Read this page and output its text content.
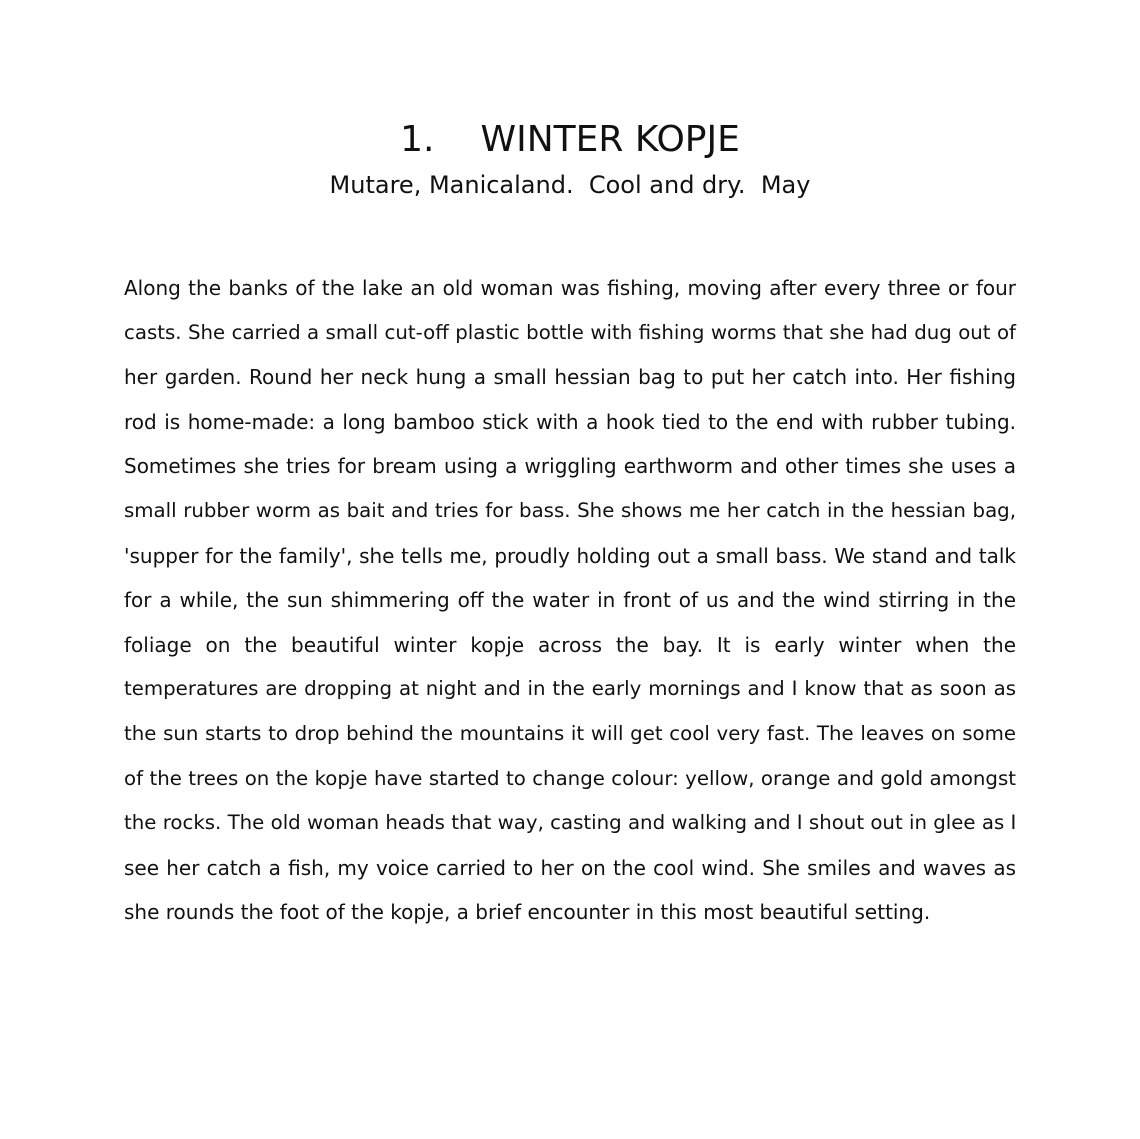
1. WINTER KOPJE

Mutare, Manicaland.  Cool and dry.  May

Along the banks of the lake an old woman was fishing, moving after every three or four
casts. She carried a small cut-off plastic bottle with fishing worms that she had dug out of
her garden. Round her neck hung a small hessian bag to put her catch into. Her fishing
rod is home-made: a long bamboo stick with a hook tied to the end with rubber tubing.
Sometimes she tries for bream using a wriggling earthworm and other times she uses a
small rubber worm as bait and tries for bass. She shows me her catch in the hessian bag,
'supper for the family', she tells me, proudly holding out a small bass. We stand and talk
for a while, the sun shimmering off the water in front of us and the wind stirring in the
foliage on the beautiful winter kopje across the bay. It is early winter when the
temperatures are dropping at night and in the early mornings and I know that as soon as
the sun starts to drop behind the mountains it will get cool very fast. The leaves on some
of the trees on the kopje have started to change colour: yellow, orange and gold amongst
the rocks. The old woman heads that way, casting and walking and I shout out in glee as I
see her catch a fish, my voice carried to her on the cool wind. She smiles and waves as
she rounds the foot of the kopje, a brief encounter in this most beautiful setting.
